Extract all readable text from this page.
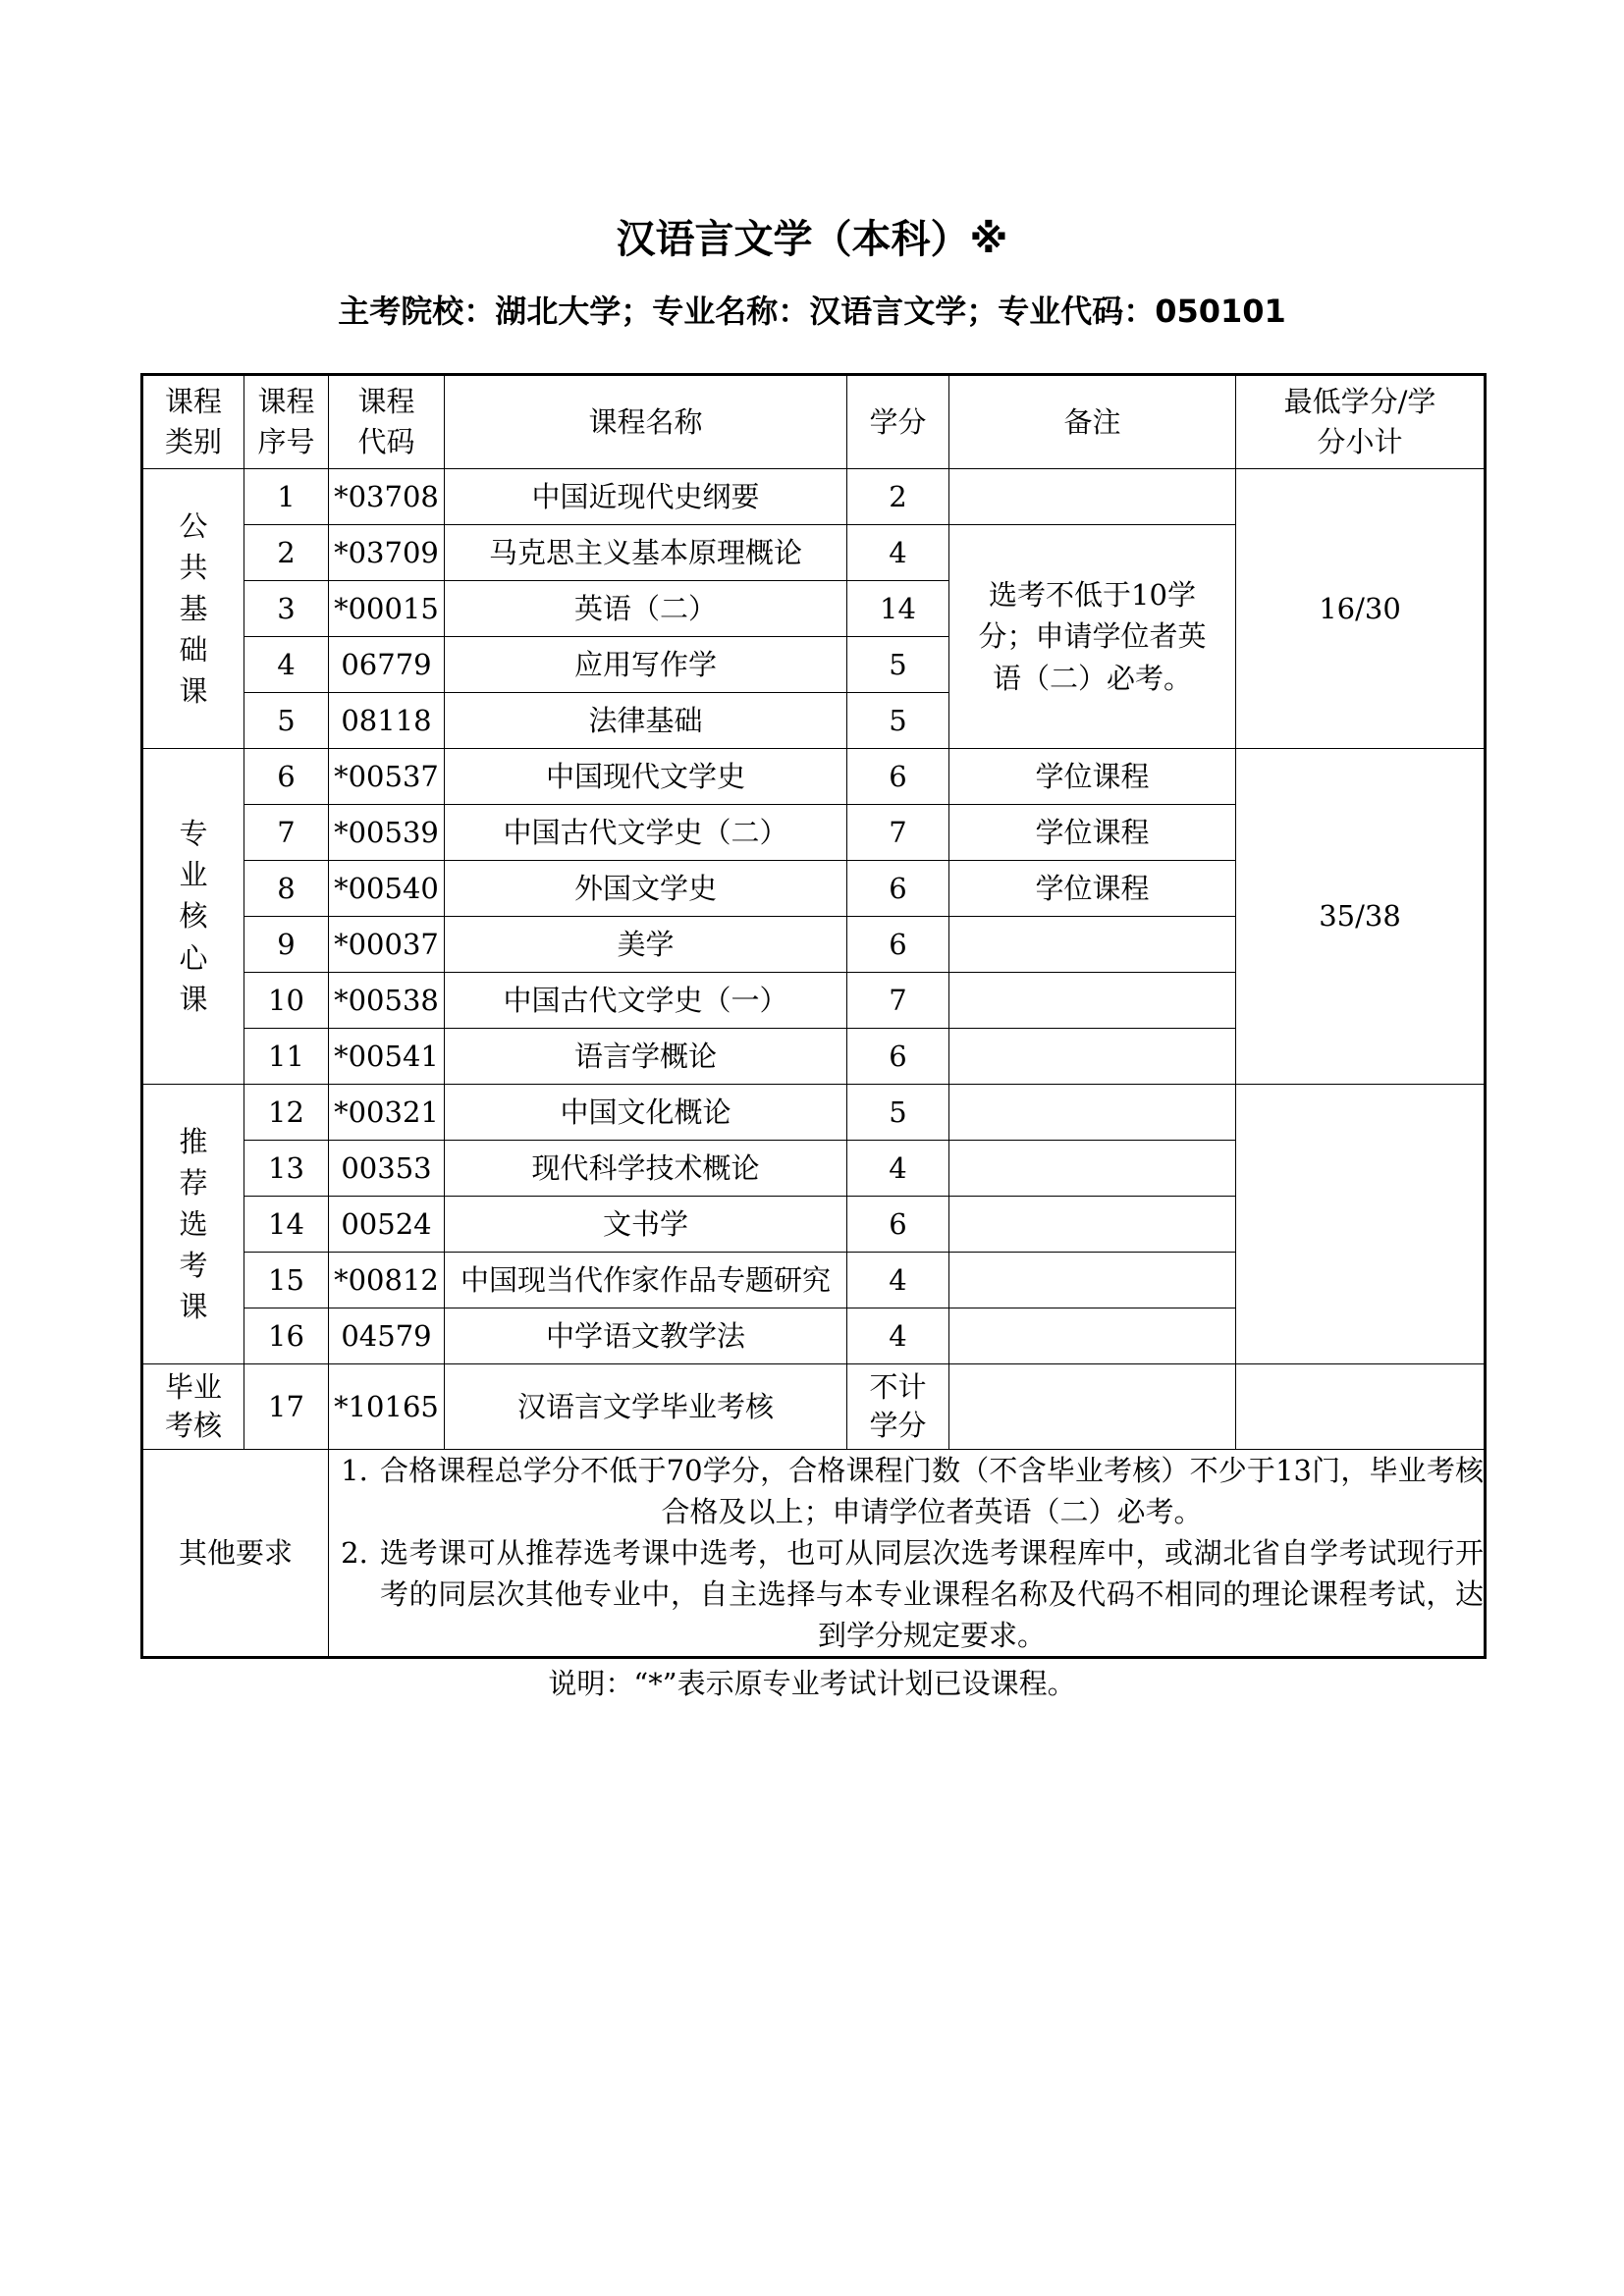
汉语言文学（本科）※
主考院校：湖北大学；专业名称：汉语言文学；专业代码：050101
课程类别	课程序号	课程代码	课程名称	学分	备注	最低学分/学分小计
公共基础课	1	*03708	中国近现代史纲要	2		16/30
	2	*03709	马克思主义基本原理概论	4	选考不低于10学分；申请学位者英语（二）必考。	
	3	*00015	英语（二）	14		
	4	06779	应用写作学	5		
	5	08118	法律基础	5		
专业核心课	6	*00537	中国现代文学史	6	学位课程	35/38
	7	*00539	中国古代文学史（二）	7	学位课程	
	8	*00540	外国文学史	6	学位课程	
	9	*00037	美学	6		
	10	*00538	中国古代文学史（一）	7		
	11	*00541	语言学概论	6		
推荐选考课	12	*00321	中国文化概论	5		
	13	00353	现代科学技术概论	4		
	14	00524	文书学	6		
	15	*00812	中国现当代作家作品专题研究	4		
	16	04579	中学语文教学法	4		
毕业考核	17	*10165	汉语言文学毕业考核	不计学分		
其他要求		1. 合格课程总学分不低于70学分，合格课程门数（不含毕业考核）不少于13门，毕业考核合格及以上；申请学位者英语（二）必考。
2. 选考课可从推荐选考课中选考，也可从同层次选考课程库中，或湖北省自学考试现行开考的同层次其他专业中，自主选择与本专业课程名称及代码不相同的理论课程考试，达到学分规定要求。				
说明：“*”表示原专业考试计划已设课程。
